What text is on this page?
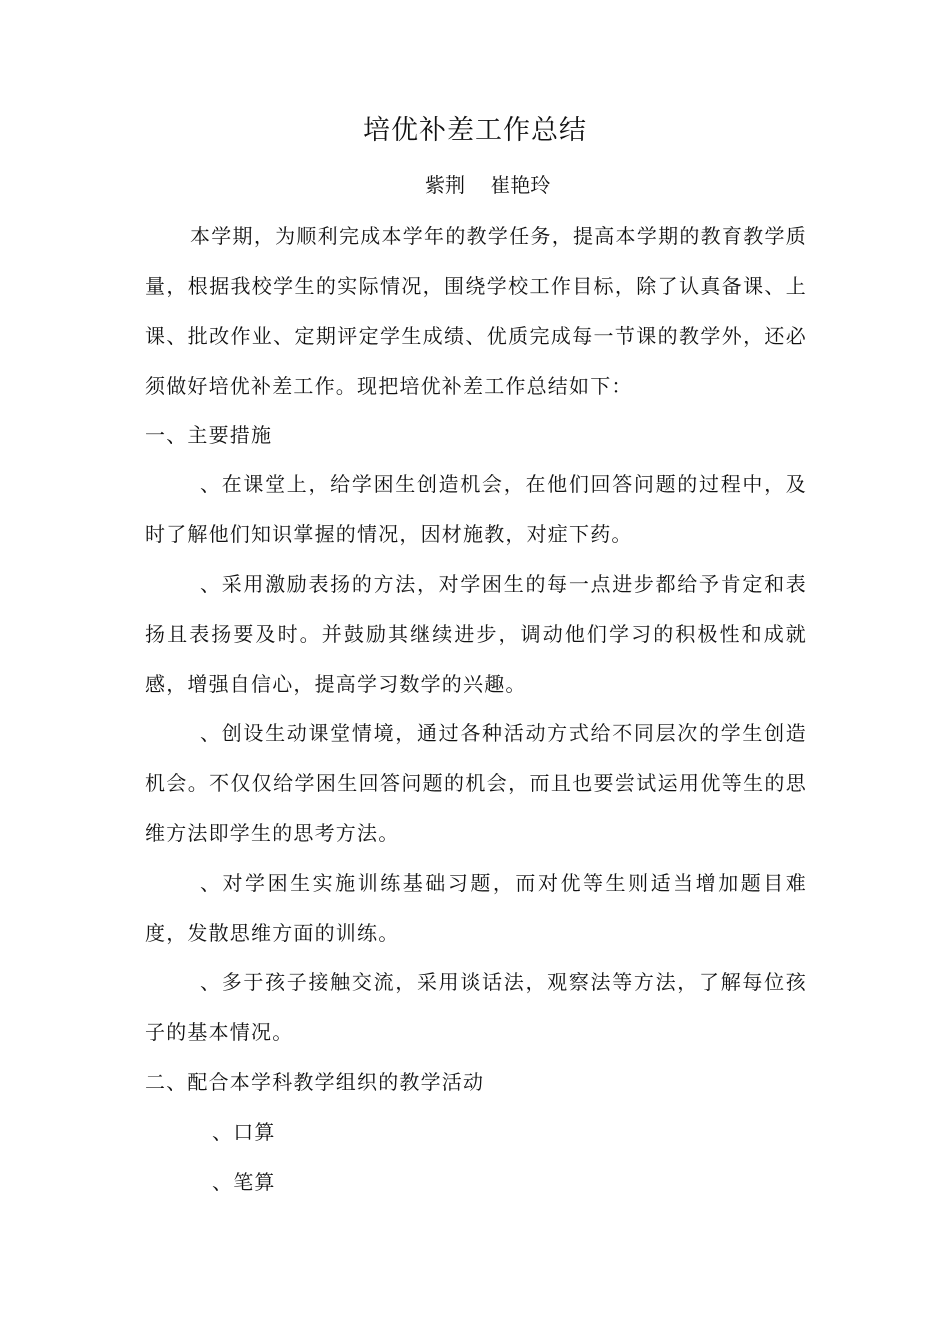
培优补差工作总结
紫荆    崔艳玲
本学期，为顺利完成本学年的教学任务，提高本学期的教育教学质量，根据我校学生的实际情况，围绕学校工作目标，除了认真备课、上课、批改作业、定期评定学生成绩、优质完成每一节课的教学外，还必须做好培优补差工作。现把培优补差工作总结如下：
一、主要措施
、在课堂上，给学困生创造机会，在他们回答问题的过程中，及时了解他们知识掌握的情况，因材施教，对症下药。
、采用激励表扬的方法，对学困生的每一点进步都给予肯定和表扬且表扬要及时。并鼓励其继续进步，调动他们学习的积极性和成就感，增强自信心，提高学习数学的兴趣。
、创设生动课堂情境，通过各种活动方式给不同层次的学生创造机会。不仅仅给学困生回答问题的机会，而且也要尝试运用优等生的思维方法即学生的思考方法。
、对学困生实施训练基础习题，而对优等生则适当增加题目难度，发散思维方面的训练。
、多于孩子接触交流，采用谈话法，观察法等方法，了解每位孩子的基本情况。
二、配合本学科教学组织的教学活动
、口算
、笔算
